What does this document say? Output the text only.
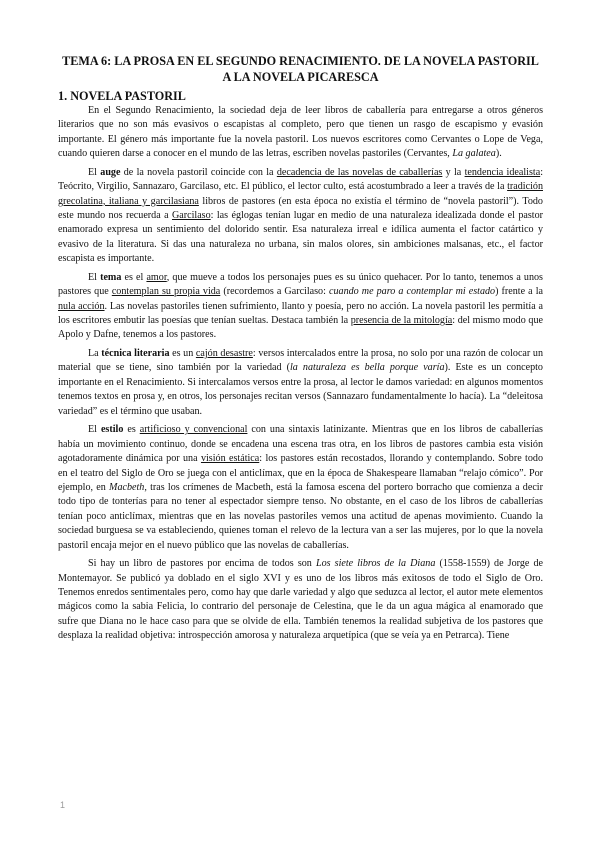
TEMA 6: LA PROSA EN EL SEGUNDO RENACIMIENTO. DE LA NOVELA PASTORIL
A LA NOVELA PICARESCA
1. NOVELA PASTORIL

En el Segundo Renacimiento, la sociedad deja de leer libros de caballería para entregarse a otros géneros literarios que no son más evasivos o escapistas al completo, pero que tienen un rasgo de escapismo y evasión importante. El género más importante fue la novela pastoril. Los nuevos escritores como Cervantes o Lope de Vega, cuando quieren darse a conocer en el mundo de las letras, escriben novelas pastoriles (Cervantes, La galatea).

El auge de la novela pastoril coincide con la decadencia de las novelas de caballerías y la tendencia idealista: Teócrito, Virgilio, Sannazaro, Garcilaso, etc. El público, el lector culto, está acostumbrado a leer a través de la tradición grecolatina, italiana y garcilasiana libros de pastores (en esta época no existía el término de “novela pastoril”). Todo este mundo nos recuerda a Garcilaso: las églogas tenían lugar en medio de una naturaleza idealizada donde el pastor enamorado expresa un sentimiento del dolorido sentir. Esa naturaleza irreal e idílica aumenta el factor catártico y evasivo de la literatura. Si das una naturaleza no urbana, sin malos olores, sin ambiciones malsanas, etc., el factor escapista es importante.

El tema es el amor, que mueve a todos los personajes pues es su único quehacer. Por lo tanto, tenemos a unos pastores que contemplan su propia vida (recordemos a Garcilaso: cuando me paro a contemplar mi estado) frente a la nula acción. Las novelas pastoriles tienen sufrimiento, llanto y poesía, pero no acción. La novela pastoril les permitía a los escritores embutir las poesías que tenían sueltas. Destaca también la presencia de la mitología: del mismo modo que Apolo y Dafne, tenemos a los pastores.

La técnica literaria es un cajón desastre: versos intercalados entre la prosa, no solo por una razón de colocar un material que se tiene, sino también por la variedad (la naturaleza es bella porque varía). Este es un concepto importante en el Renacimiento. Si intercalamos versos entre la prosa, al lector le damos variedad: en algunos momentos tenemos textos en prosa y, en otros, los personajes recitan versos (Sannazaro fundamentalmente lo hacía). La “deleitosa variedad” es el término que usaban.

El estilo es artificioso y convencional con una sintaxis latinizante. Mientras que en los libros de caballerías había un movimiento continuo, donde se encadena una escena tras otra, en los libros de pastores cambia esta visión agotadoramente dinámica por una visión estática: los pastores están recostados, llorando y contemplando. Sobre todo en el teatro del Siglo de Oro se juega con el anticlímax, que en la época de Shakespeare llamaban “relajo cómico”. Por ejemplo, en Macbeth, tras los crímenes de Macbeth, está la famosa escena del portero borracho que comienza a decir todo tipo de tonterías para no tener al espectador siempre tenso. No obstante, en el caso de los libros de caballerías tenían poco anticlímax, mientras que en las novelas pastoriles vemos una actitud de apenas movimiento. Cuando la sociedad burguesa se va estableciendo, quienes toman el relevo de la lectura van a ser las mujeres, por lo que la novela pastoril encaja mejor en el nuevo público que las novelas de caballerías.

Si hay un libro de pastores por encima de todos son Los siete libros de la Diana (1558-1559) de Jorge de Montemayor. Se publicó ya doblado en el siglo XVI y es uno de los libros más exitosos de todo el Siglo de Oro. Tenemos enredos sentimentales pero, como hay que darle variedad y algo que seduzca al lector, el autor mete elementos mágicos como la sabia Felicia, lo contrario del personaje de Celestina, que le da un agua mágica al enamorado que sufre que Diana no le hace caso para que se olvide de ella. También tenemos la realidad subjetiva de los pastores que desplaza la realidad objetiva: introspección amorosa y naturaleza arquetípica (que se veía ya en Petrarca). Tiene

1
